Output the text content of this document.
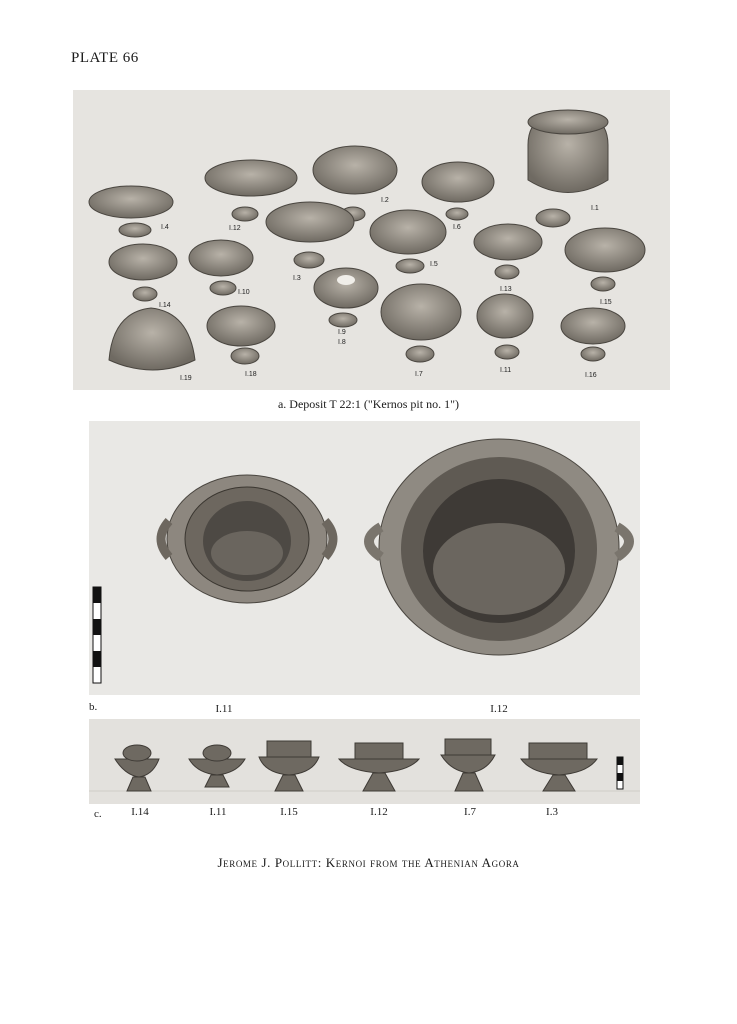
PLATE 66
I.4	I.12
I.2
I.6
I.1
I.3
I.5
I.13
I.15
I.14
I.10
I.9
I.8
I.7
I.11
I.16
I.18
I.19
a. Deposit T 22:1 ("Kernos pit no. 1")
b.	I.11	I.12
c.	I.14	I.11	I.15	I.12	I.7	I.3
Jerome J. Pollitt: Kernoi from the Athenian Agora
